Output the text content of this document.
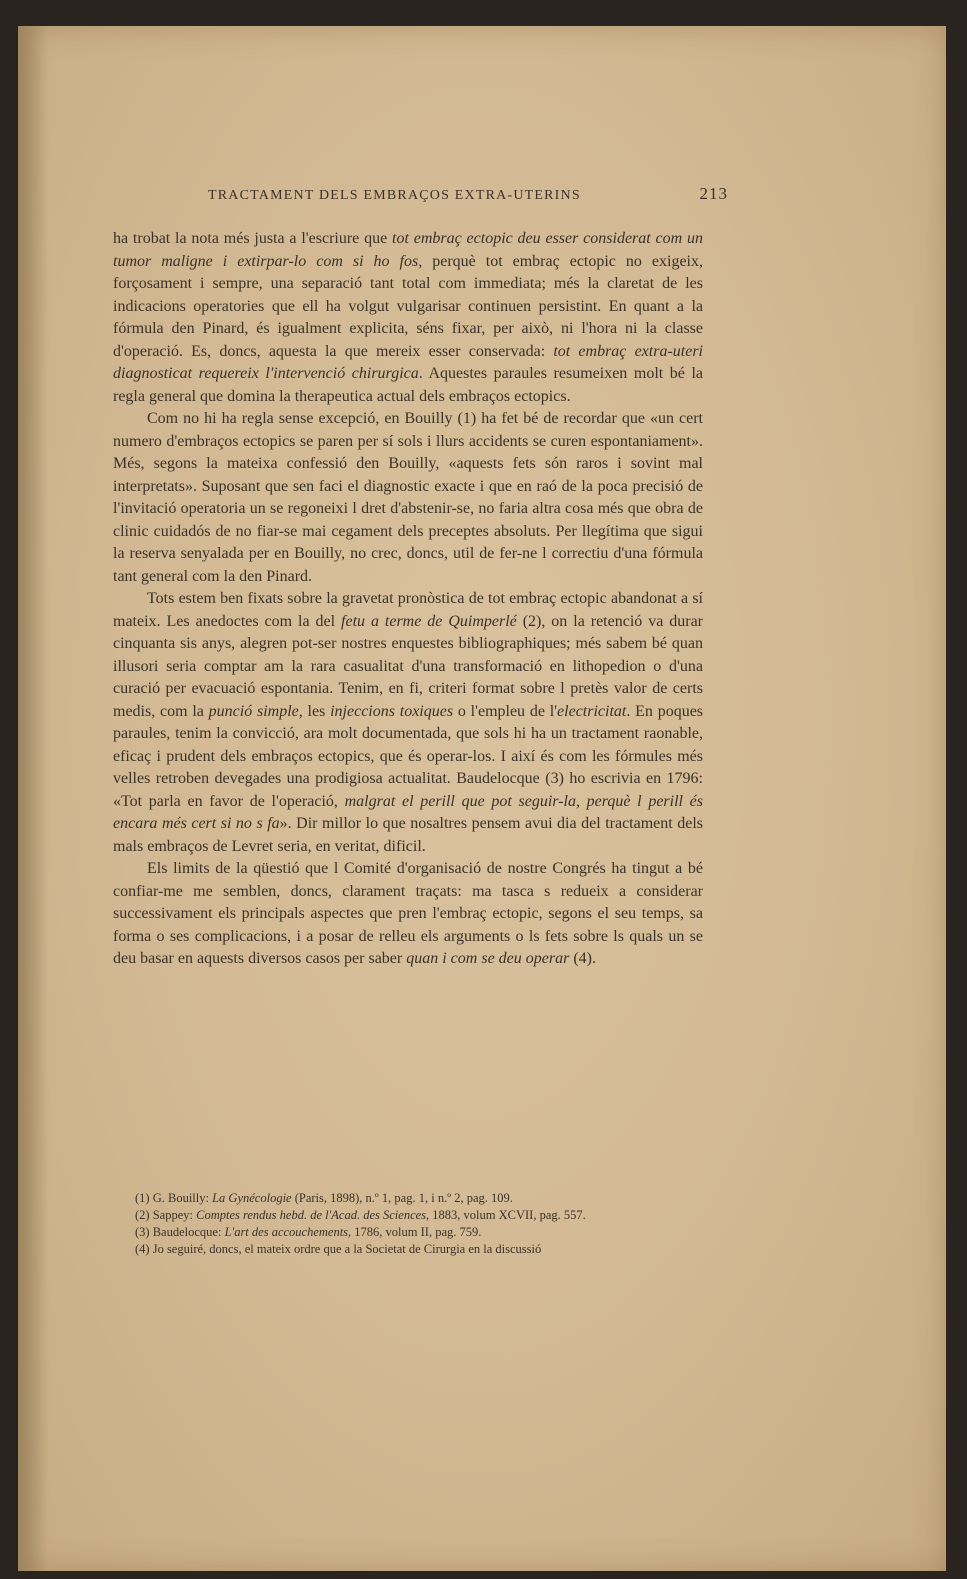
TRACTAMENT DELS EMBRAÇOS EXTRA-UTERINS	213

ha trobat la nota més justa a l'escriure que tot embraç ectopic deu esser considerat com un tumor maligne i extirpar-lo com si ho fos, perquè tot embraç ectopic no exigeix, forçosament i sempre, una separació tant total com immediata; més la claretat de les indicacions operatories que ell ha volgut vulgarisar continuen persistint. En quant a la fórmula den Pinard, és igualment explicita, séns fixar, per això, ni l'hora ni la classe d'operació. Es, doncs, aquesta la que mereix esser conservada: tot embraç extra-uteri diagnosticat requereix l'intervenció chirurgica. Aquestes paraules resumeixen molt bé la regla general que domina la therapeutica actual dels embraços ectopics.

Com no hi ha regla sense excepció, en Bouilly (1) ha fet bé de recordar que «un cert numero d'embraços ectopics se paren per sí sols i llurs accidents se curen espontaniament». Més, segons la mateixa confessió den Bouilly, «aquests fets són raros i sovint mal interpretats». Suposant que sen faci el diagnostic exacte i que en raó de la poca precisió de l'invitació operatoria un se regoneixi l dret d'abstenir-se, no faria altra cosa més que obra de clinic cuidadós de no fiar-se mai cegament dels preceptes absoluts. Per llegítima que sigui la reserva senyalada per en Bouilly, no crec, doncs, util de fer-ne l correctiu d'una fórmula tant general com la den Pinard.

Tots estem ben fixats sobre la gravetat pronòstica de tot embraç ectopic abandonat a sí mateix. Les anedoctes com la del fetu a terme de Quimperlé (2), on la retenció va durar cinquanta sis anys, alegren pot-ser nostres enquestes bibliographiques; més sabem bé quan illusori seria comptar am la rara casualitat d'una transformació en lithopedion o d'una curació per evacuació espontania. Tenim, en fi, criteri format sobre l pretès valor de certs medis, com la punció simple, les injeccions toxiques o l'empleu de l'electricitat. En poques paraules, tenim la convicció, ara molt documentada, que sols hi ha un tractament raonable, eficaç i prudent dels embraços ectopics, que és operar-los. I així és com les fórmules més velles retroben devegades una prodigiosa actualitat. Baudelocque (3) ho escrivia en 1796: «Tot parla en favor de l'operació, malgrat el perill que pot seguir-la, perquè l perill és encara més cert si no s fa». Dir millor lo que nosaltres pensem avui dia del tractament dels mals embraços de Levret seria, en veritat, dificil.

Els limits de la qüestió que l Comité d'organisació de nostre Congrés ha tingut a bé confiar-me me semblen, doncs, clarament traçats: ma tasca s redueix a considerar successivament els principals aspectes que pren l'embraç ectopic, segons el seu temps, sa forma o ses complicacions, i a posar de relleu els arguments o ls fets sobre ls quals un se deu basar en aquests diversos casos per saber quan i com se deu operar (4).

(1) G. Bouilly: La Gynécologie (Paris, 1898), n.º 1, pag. 1, i n.º 2, pag. 109.

(2) Sappey: Comptes rendus hebd. de l'Acad. des Sciences, 1883, volum XCVII, pag. 557.

(3) Baudelocque: L'art des accouchements, 1786, volum II, pag. 759.

(4) Jo seguiré, doncs, el mateix ordre que a la Societat de Cirurgia en la discussió
